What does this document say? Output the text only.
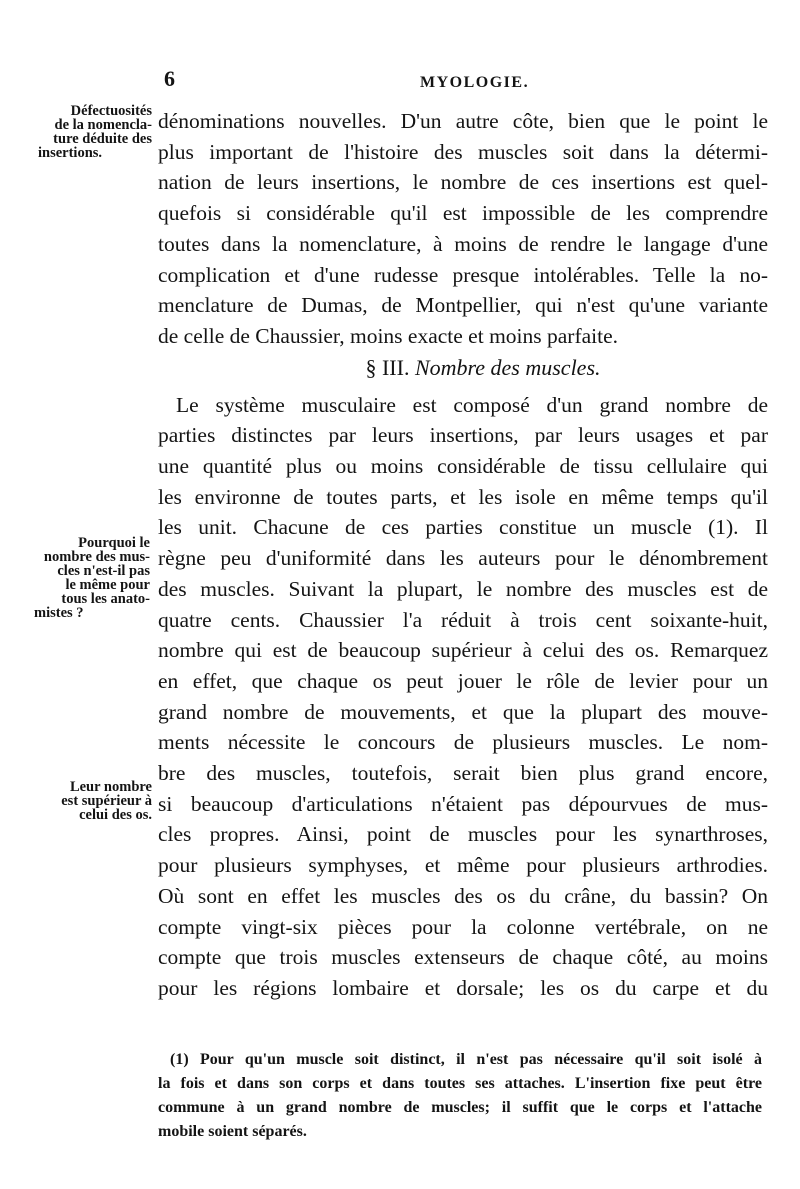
6	MYOLOGIE.
Défectuosités
de la nomencla-
ture déduite des
insertions.
Pourquoi le
nombre des mus-
cles n'est-il pas
le même pour
tous les anato-
mistes ?
Leur nombre
est supérieur à
celui des os.
dénominations nouvelles. D'un autre côte, bien que le point le
plus important de l'histoire des muscles soit dans la détermi-
nation de leurs insertions, le nombre de ces insertions est quel-
quefois si considérable qu'il est impossible de les comprendre
toutes dans la nomenclature, à moins de rendre le langage d'une
complication et d'une rudesse presque intolérables. Telle la no-
menclature de Dumas, de Montpellier, qui n'est qu'une variante
de celle de Chaussier, moins exacte et moins parfaite.
§ III. Nombre des muscles.
Le système musculaire est composé d'un grand nombre de
parties distinctes par leurs insertions, par leurs usages et par
une quantité plus ou moins considérable de tissu cellulaire qui
les environne de toutes parts, et les isole en même temps qu'il
les unit. Chacune de ces parties constitue un muscle (1). Il
règne peu d'uniformité dans les auteurs pour le dénombrement
des muscles. Suivant la plupart, le nombre des muscles est de
quatre cents. Chaussier l'a réduit à trois cent soixante-huit,
nombre qui est de beaucoup supérieur à celui des os. Remarquez
en effet, que chaque os peut jouer le rôle de levier pour un
grand nombre de mouvements, et que la plupart des mouve-
ments nécessite le concours de plusieurs muscles. Le nom-
bre des muscles, toutefois, serait bien plus grand encore,
si beaucoup d'articulations n'étaient pas dépourvues de mus-
cles propres. Ainsi, point de muscles pour les synarthroses,
pour plusieurs symphyses, et même pour plusieurs arthrodies.
Où sont en effet les muscles des os du crâne, du bassin? On
compte vingt-six pièces pour la colonne vertébrale, on ne
compte que trois muscles extenseurs de chaque côté, au moins
pour les régions lombaire et dorsale; les os du carpe et du
(1) Pour qu'un muscle soit distinct, il n'est pas nécessaire qu'il soit isolé à
la fois et dans son corps et dans toutes ses attaches. L'insertion fixe peut être
commune à un grand nombre de muscles; il suffit que le corps et l'attache
mobile soient séparés.
